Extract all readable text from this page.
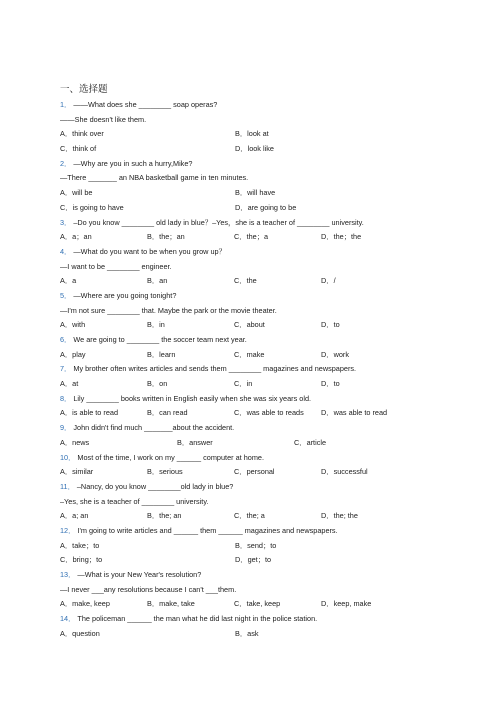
一、选择题
1． ——What does she ________ soap operas?
——She doesn't like them.
A．think over	B．look at
C．think of	D．look like
2． —Why are you in such a hurry,Mike?
—There _______ an NBA basketball game in ten minutes.
A．will be	B．will have
C．is going to have	D．are going to be
3． –Do you know ________ old lady in blue？–Yes，she is a teacher of ________ university.
A．a；an	B．the；an	C．the；a	D．the；the
4． —What do you want to be when you grow up？
—I want to be ________ engineer.
A．a	B．an	C．the	D．/
5． —Where are you going tonight?
—I'm not sure ________ that. Maybe the park or the movie theater.
A．with	B．in	C．about	D．to
6． We are going to ________ the soccer team next year.
A．play	B．learn	C．make	D．work
7． My brother often writes articles and sends them ________ magazines and newspapers.
A．at	B．on	C．in	D．to
8． Lily ________ books written in English easily when she was six years old.
A．is able to read	B．can read	C．was able to reads	D．was able to read
9． John didn't find much _______about the accident.
A．news	B．answer	C．article
10． Most of the time, I work on my ______ computer at home.
A．similar	B．serious	C．personal	D．successful
11． –Nancy, do you know ________old lady in blue?
–Yes, she is a teacher of ________ university.
A．a; an	B．the; an	C．the; a	D．the; the
12． I'm going to write articles and ______ them ______ magazines and newspapers.
A．take；to	B．send；to
C．bring；to	D．get；to
13． —What is your New Year's resolution?
—I never ___any resolutions because I can't ___them.
A．make, keep	B．make, take	C．take, keep	D．keep, make
14． The policeman ______ the man what he did last night in the police station.
A．question	B．ask
